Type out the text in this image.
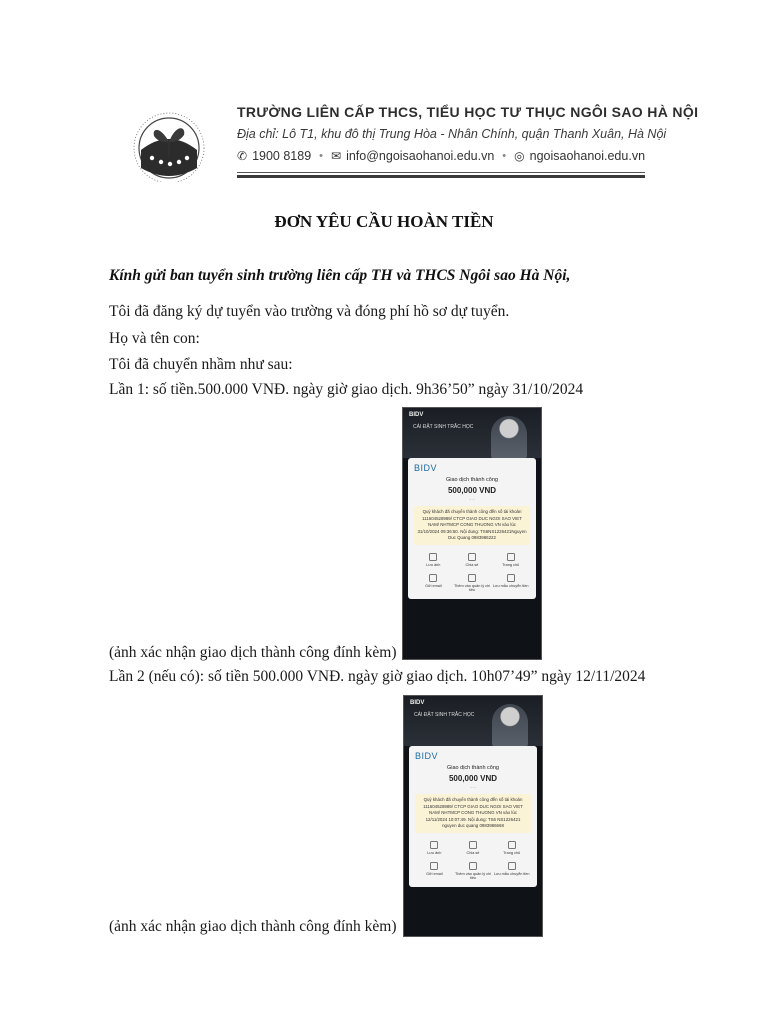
TRƯỜNG LIÊN CẤP THCS, TIỂU HỌC TƯ THỤC NGÔI SAO HÀ NỘI
Địa chỉ: Lô T1, khu đô thị Trung Hòa - Nhân Chính, quận Thanh Xuân, Hà Nội
✆ 1900 8189 • ✉ info@ngoisaohanoi.edu.vn • ◎ ngoisaohanoi.edu.vn
ĐƠN YÊU CẦU HOÀN TIỀN
Kính gửi ban tuyển sinh trường liên cấp TH và THCS Ngôi sao Hà Nội,
Tôi đã đăng ký dự tuyển vào trường và đóng phí hồ sơ dự tuyển.
Họ và tên con:
Tôi đã chuyển nhầm như sau:
Lần 1: số tiền.500.000 VNĐ. ngày giờ giao dịch. 9h36’50” ngày 31/10/2024
BIDV
CÁI ĐẶT SINH TRẮC HỌC
BIDV
Giao dịch thành công
500,000 VND
·····
Quý khách đã chuyển thành công đến số tài khoản 111604528989/ CTCP GIAO DUC NGOI SAO VIET NAM/ NHTMCP CONG THUONG VN vào lúc 31/10/2024 09:36:50. Nội dung: TS6NS1226421Nguyen Duc Quang 0983986222
Lưu ảnh	Chia sẻ	Trang chủ
Gửi email	Thêm vào quản lý chi tiêu
Lưu mẫu chuyển tiền
(ảnh xác nhận giao dịch thành công đính kèm)
Lần 2 (nếu có): số tiền 500.000 VNĐ. ngày giờ giao dịch. 10h07’49” ngày 12/11/2024
BIDV
CÁI ĐẶT SINH TRẮC HỌC
BIDV
Giao dịch thành công
500,000 VND
·····
Quý khách đã chuyển thành công đến số tài khoản 111604528989/ CTCP GIAO DUC NGOI SAO VIET NAM/ NHTMCP CONG THUONG VN vào lúc 12/11/2024 10:07:49. Nội dung: TS6 NS1226421 nguyen duc quang 0983986668
Lưu ảnh	Chia sẻ	Trang chủ
Gửi email	Thêm vào quản lý chi tiêu
Lưu mẫu chuyển tiền
(ảnh xác nhận giao dịch thành công đính kèm)
